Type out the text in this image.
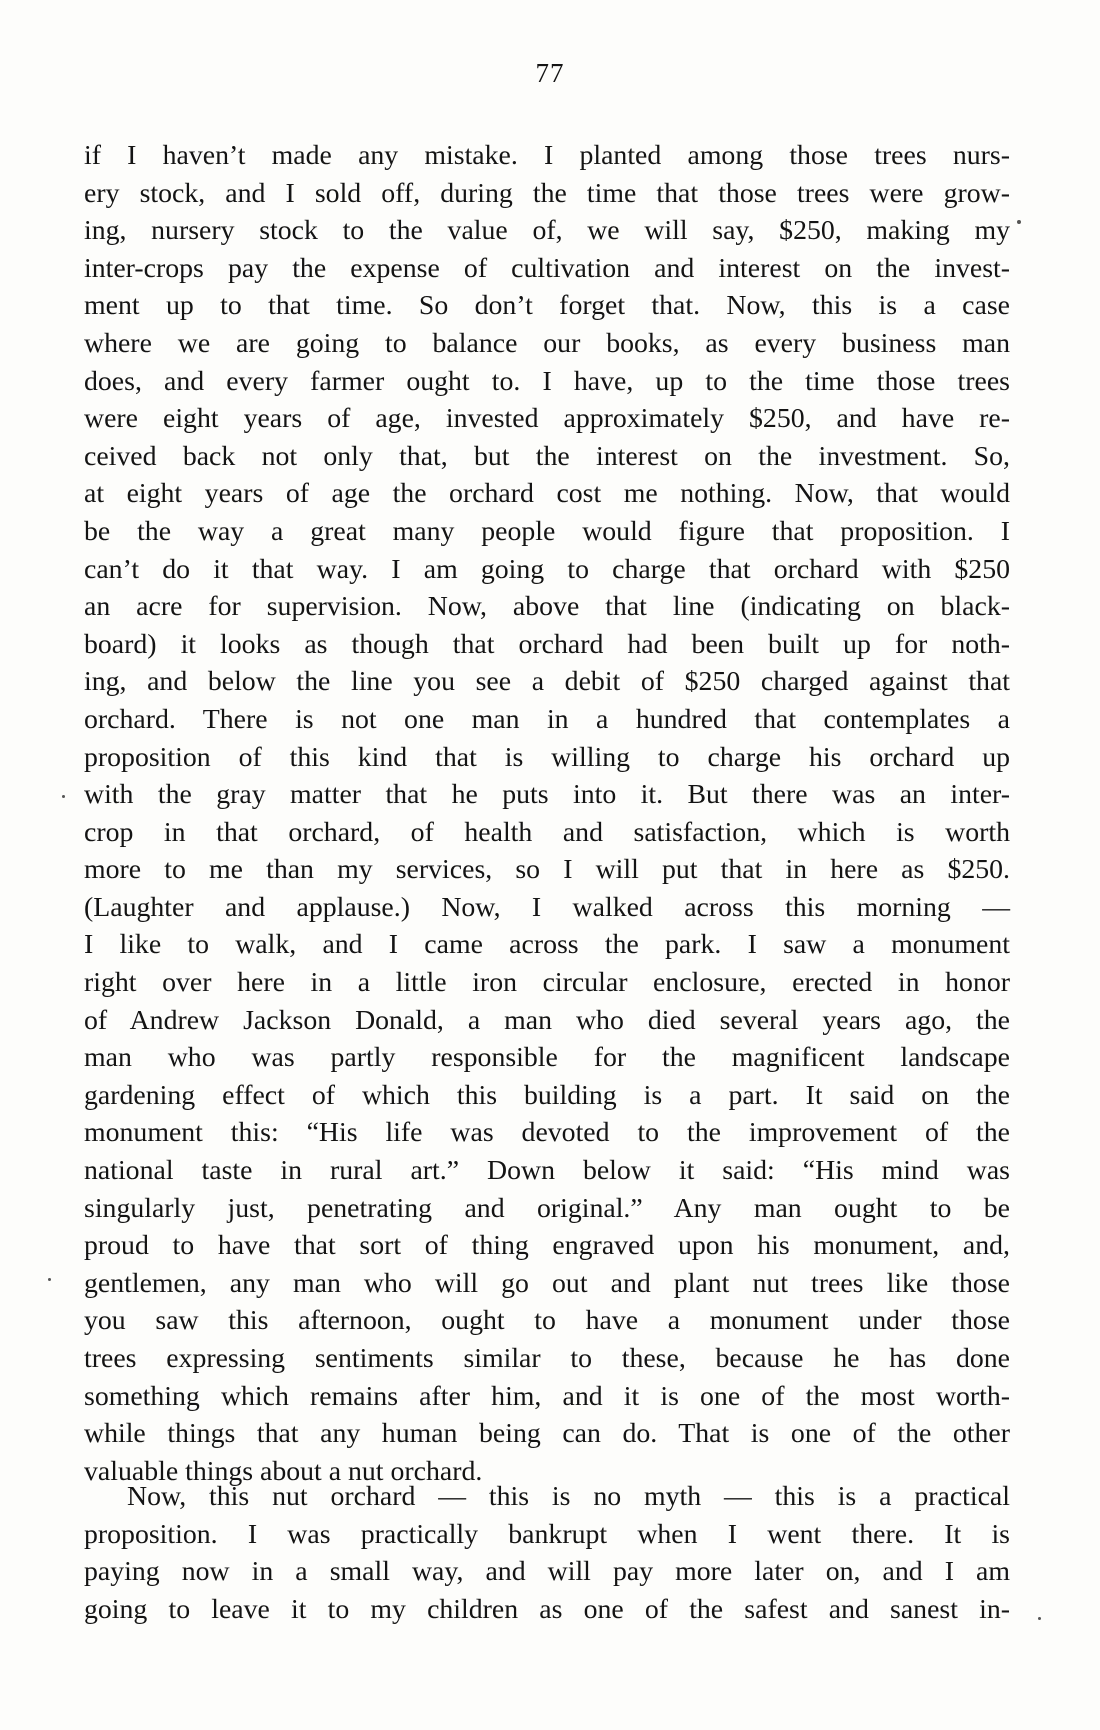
77
if I haven’t made any mistake. I planted among those trees nurs-
ery stock, and I sold off, during the time that those trees were grow-
ing, nursery stock to the value of, we will say, $250, making my
inter-crops pay the expense of cultivation and interest on the invest-
ment up to that time. So don’t forget that. Now, this is a case
where we are going to balance our books, as every business man
does, and every farmer ought to. I have, up to the time those trees
were eight years of age, invested approximately $250, and have re-
ceived back not only that, but the interest on the investment. So,
at eight years of age the orchard cost me nothing. Now, that would
be the way a great many people would figure that proposition. I
can’t do it that way. I am going to charge that orchard with $250
an acre for supervision. Now, above that line (indicating on black-
board) it looks as though that orchard had been built up for noth-
ing, and below the line you see a debit of $250 charged against that
orchard. There is not one man in a hundred that contemplates a
proposition of this kind that is willing to charge his orchard up
with the gray matter that he puts into it. But there was an inter-
crop in that orchard, of health and satisfaction, which is worth
more to me than my services, so I will put that in here as $250.
(Laughter and applause.) Now, I walked across this morning —
I like to walk, and I came across the park. I saw a monument
right over here in a little iron circular enclosure, erected in honor
of Andrew Jackson Donald, a man who died several years ago, the
man who was partly responsible for the magnificent landscape
gardening effect of which this building is a part. It said on the
monument this: “His life was devoted to the improvement of the
national taste in rural art.” Down below it said: “His mind was
singularly just, penetrating and original.” Any man ought to be
proud to have that sort of thing engraved upon his monument, and,
gentlemen, any man who will go out and plant nut trees like those
you saw this afternoon, ought to have a monument under those
trees expressing sentiments similar to these, because he has done
something which remains after him, and it is one of the most worth-
while things that any human being can do. That is one of the other
valuable things about a nut orchard.
Now, this nut orchard — this is no myth — this is a practical
proposition. I was practically bankrupt when I went there. It is
paying now in a small way, and will pay more later on, and I am
going to leave it to my children as one of the safest and sanest in-
